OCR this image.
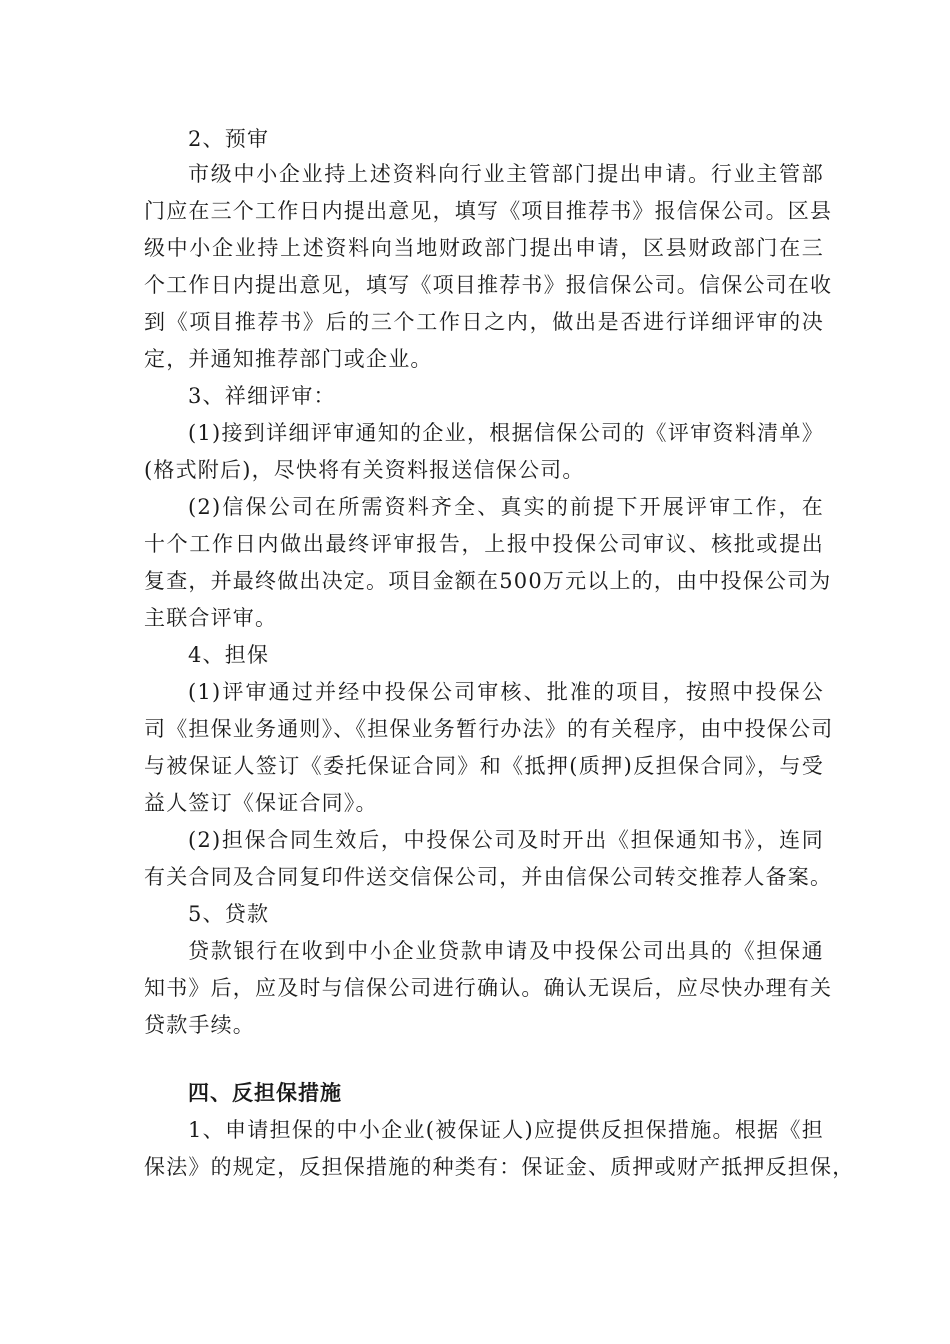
2、预审
市级中小企业持上述资料向行业主管部门提出申请。行业主管部
门应在三个工作日内提出意见，填写《项目推荐书》报信保公司。区县
级中小企业持上述资料向当地财政部门提出申请，区县财政部门在三
个工作日内提出意见，填写《项目推荐书》报信保公司。信保公司在收
到《项目推荐书》后的三个工作日之内，做出是否进行详细评审的决
定，并通知推荐部门或企业。
3、祥细评审：
(1)接到详细评审通知的企业，根据信保公司的《评审资料清单》
(格式附后)，尽快将有关资料报送信保公司。
(2)信保公司在所需资料齐全、真实的前提下开展评审工作，在
十个工作日内做出最终评审报告，上报中投保公司审议、核批或提出
复查，并最终做出决定。项目金额在500万元以上的，由中投保公司为
主联合评审。
4、担保
(1)评审通过并经中投保公司审核、批准的项目，按照中投保公
司《担保业务通则》、《担保业务暂行办法》的有关程序，由中投保公司
与被保证人签订《委托保证合同》和《抵押(质押)反担保合同》，与受
益人签订《保证合同》。
(2)担保合同生效后，中投保公司及时开出《担保通知书》，连同
有关合同及合同复印件送交信保公司，并由信保公司转交推荐人备案。
5、贷款
贷款银行在收到中小企业贷款申请及中投保公司出具的《担保通
知书》后，应及时与信保公司进行确认。确认无误后，应尽快办理有关
贷款手续。
四、反担保措施
1、申请担保的中小企业(被保证人)应提供反担保措施。根据《担
保法》的规定，反担保措施的种类有：保证金、质押或财产抵押反担保，
